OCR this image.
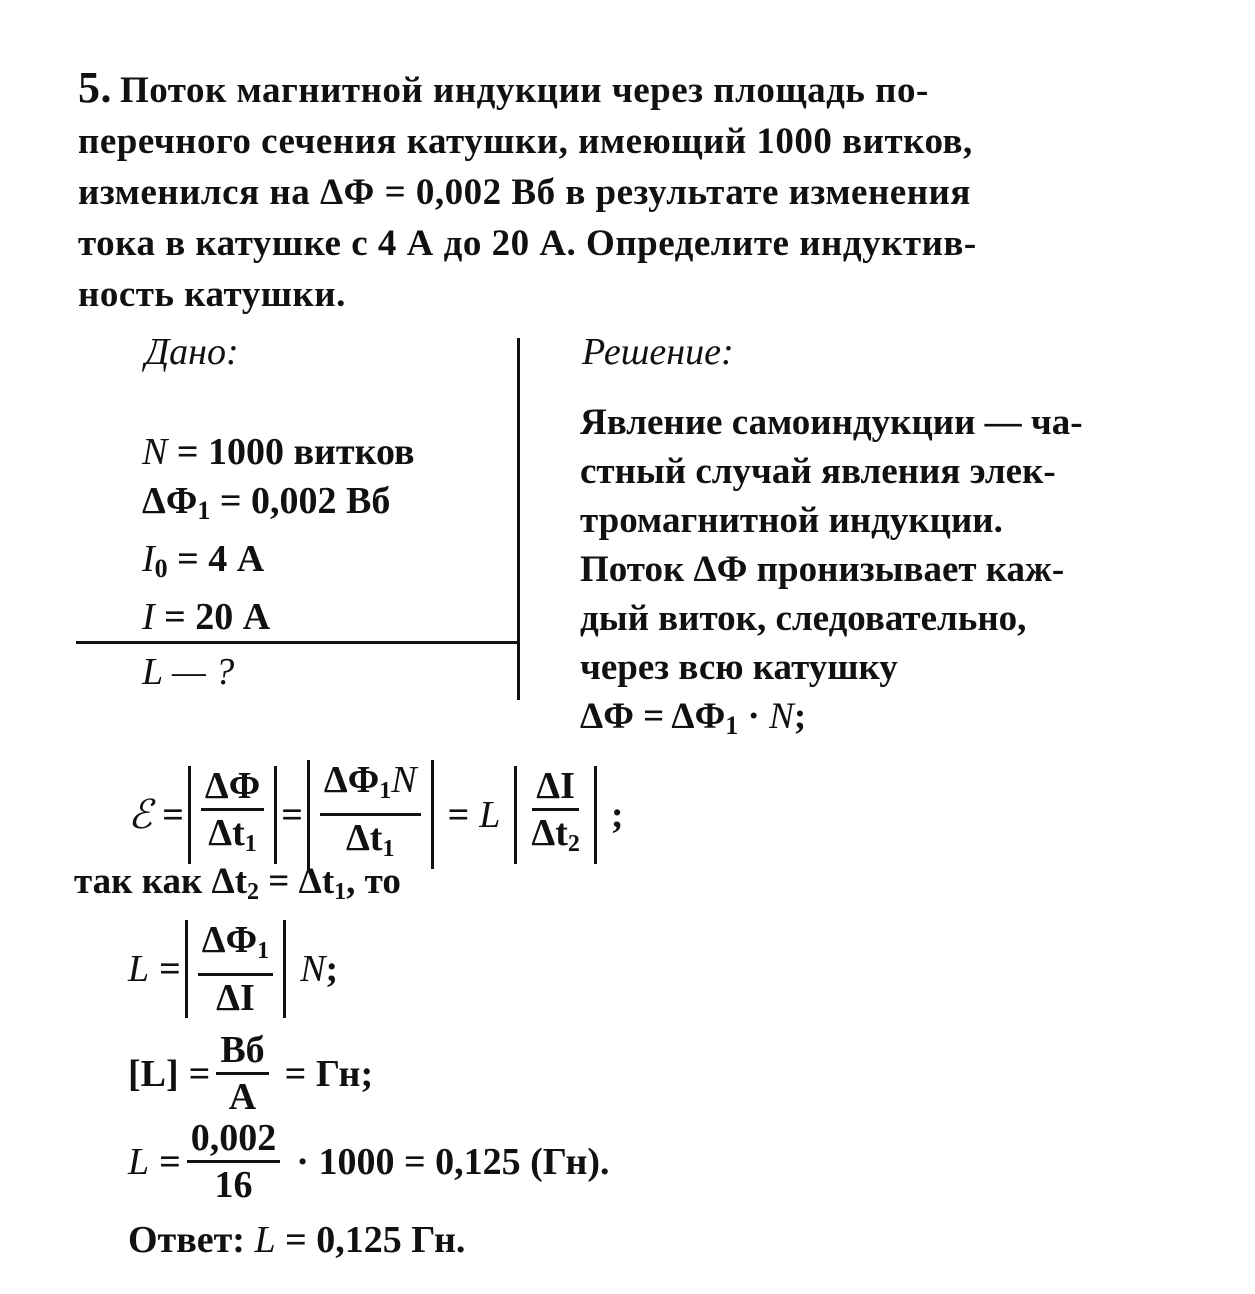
5. Поток магнитной индукции через площадь по-
перечного сечения катушки, имеющий 1000 витков,
изменился на ΔΦ = 0,002 Вб в результате изменения
тока в катушке с 4 А до 20 А. Определите индуктив-
ность катушки.
Дано:	Решение:
N = 1000 витков
$\Delta\Phi_1 = 0,002$ Вб
$I_0 = 4$ А
I = 20 А
L — ?
Явление самоиндукции — ча-
стный случай явления элек-
тромагнитной индукции.
Поток ΔΦ пронизывает каж-
дый виток, следовательно,
через всю катушку
$\Delta\Phi = \Delta\Phi_1 \cdot N$;
ℰ = $\frac{\Delta\Phi}{\Delta t_1} = \frac{\Delta\Phi_1N}{\Delta t_1} = L \frac{\Delta I}{\Delta t_2}$ ;
так как $\Delta t_2 = \Delta t_1$, то
$L = \frac{\Delta\Phi_1}{\Delta I}$ N ;
$[L] = \frac{Вб}{А}$ = Гн;
$L = \frac{0,002}{16} \cdot 1000 = 0,125$ (Гн).
Ответ: L = 0,125 Гн.
